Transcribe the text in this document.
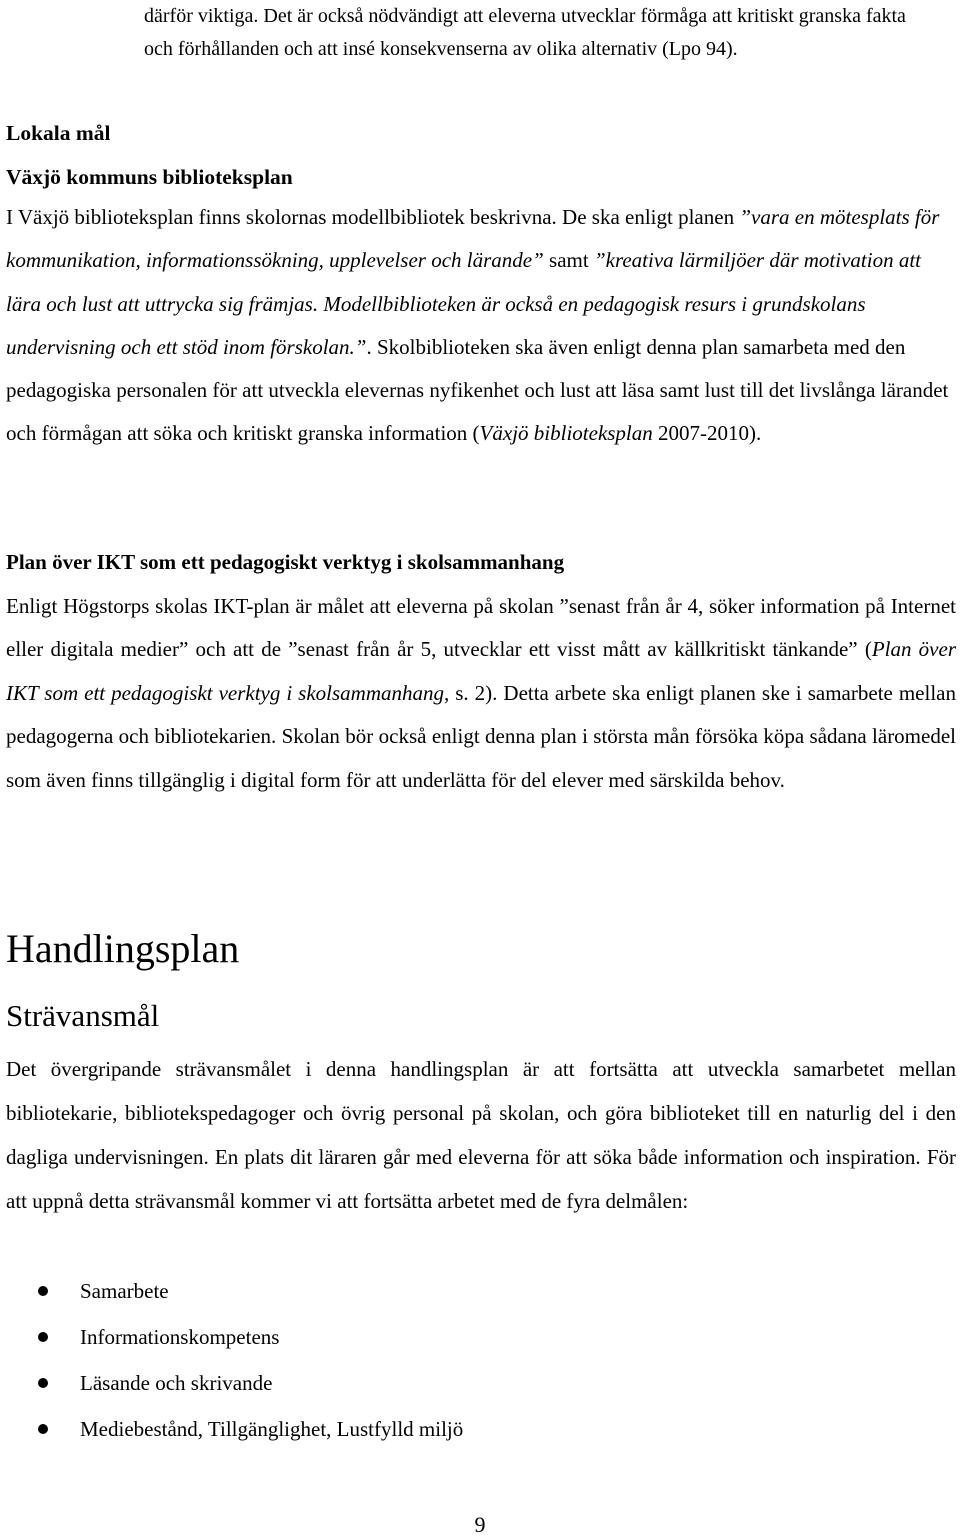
därför viktiga. Det är också nödvändigt att eleverna utvecklar förmåga att kritiskt granska fakta

och förhållanden och att insé konsekvenserna av olika alternativ (Lpo 94).

Lokala mål

Växjö kommuns biblioteksplan

I Växjö biblioteksplan finns skolornas modellbibliotek beskrivna. De ska enligt planen ”vara en mötesplats för kommunikation, informationssökning, upplevelser och lärande” samt ”kreativa lärmiljöer där motivation att lära och lust att uttrycka sig främjas. Modellbiblioteken är också en pedagogisk resurs i grundskolans undervisning och ett stöd inom förskolan.”. Skolbiblioteken ska även enligt denna plan samarbeta med den pedagogiska personalen för att utveckla elevernas nyfikenhet och lust att läsa samt lust till det livslånga lärandet och förmågan att söka och kritiskt granska information (Växjö biblioteksplan 2007-2010).

Plan över IKT som ett pedagogiskt verktyg i skolsammanhang

Enligt Högstorps skolas IKT-plan är målet att eleverna på skolan ”senast från år 4, söker information på Internet eller digitala medier” och att de ”senast från år 5, utvecklar ett visst mått av källkritiskt tänkande” (Plan över IKT som ett pedagogiskt verktyg i skolsammanhang, s. 2). Detta arbete ska enligt planen ske i samarbete mellan pedagogerna och bibliotekarien. Skolan bör också enligt denna plan i största mån försöka köpa sådana läromedel som även finns tillgänglig i digital form för att underlätta för del elever med särskilda behov.

Handlingsplan
Strävansmål

Det övergripande strävansmålet i denna handlingsplan är att fortsätta att utveckla samarbetet mellan bibliotekarie, bibliotekspedagoger och övrig personal på skolan, och göra biblioteket till en naturlig del i den dagliga undervisningen. En plats dit läraren går med eleverna för att söka både information och inspiration. För att uppnå detta strävansmål kommer vi att fortsätta arbetet med de fyra delmålen:

Samarbete
Informationskompetens
Läsande och skrivande
Mediebestånd, Tillgänglighet, Lustfylld miljö
9
